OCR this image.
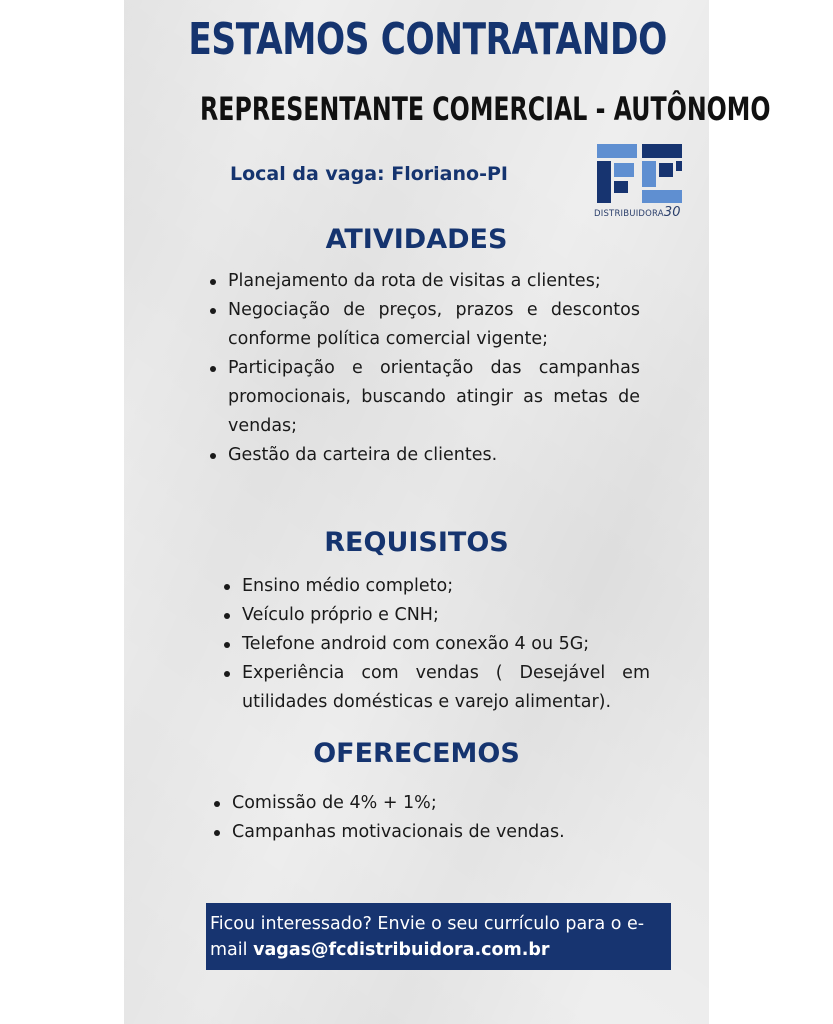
ESTAMOS CONTRATANDO
REPRESENTANTE COMERCIAL - AUTÔNOMO
Local da vaga: Floriano-PI
DISTRIBUIDORA30
ATIVIDADES
Planejamento da rota de visitas a clientes;
Negociação de preços, prazos e descontos conforme política comercial vigente;
Participação e orientação das campanhas promocionais, buscando atingir as metas de vendas;
Gestão da carteira de clientes.
REQUISITOS
Ensino médio completo;
Veículo próprio e CNH;
Telefone android com conexão 4 ou 5G;
Experiência com vendas ( Desejável em utilidades domésticas e varejo alimentar).
OFERECEMOS
Comissão de 4% + 1%;
Campanhas motivacionais de vendas.
Ficou interessado? Envie o seu currículo para o e-mail vagas@fcdistribuidora.com.br
